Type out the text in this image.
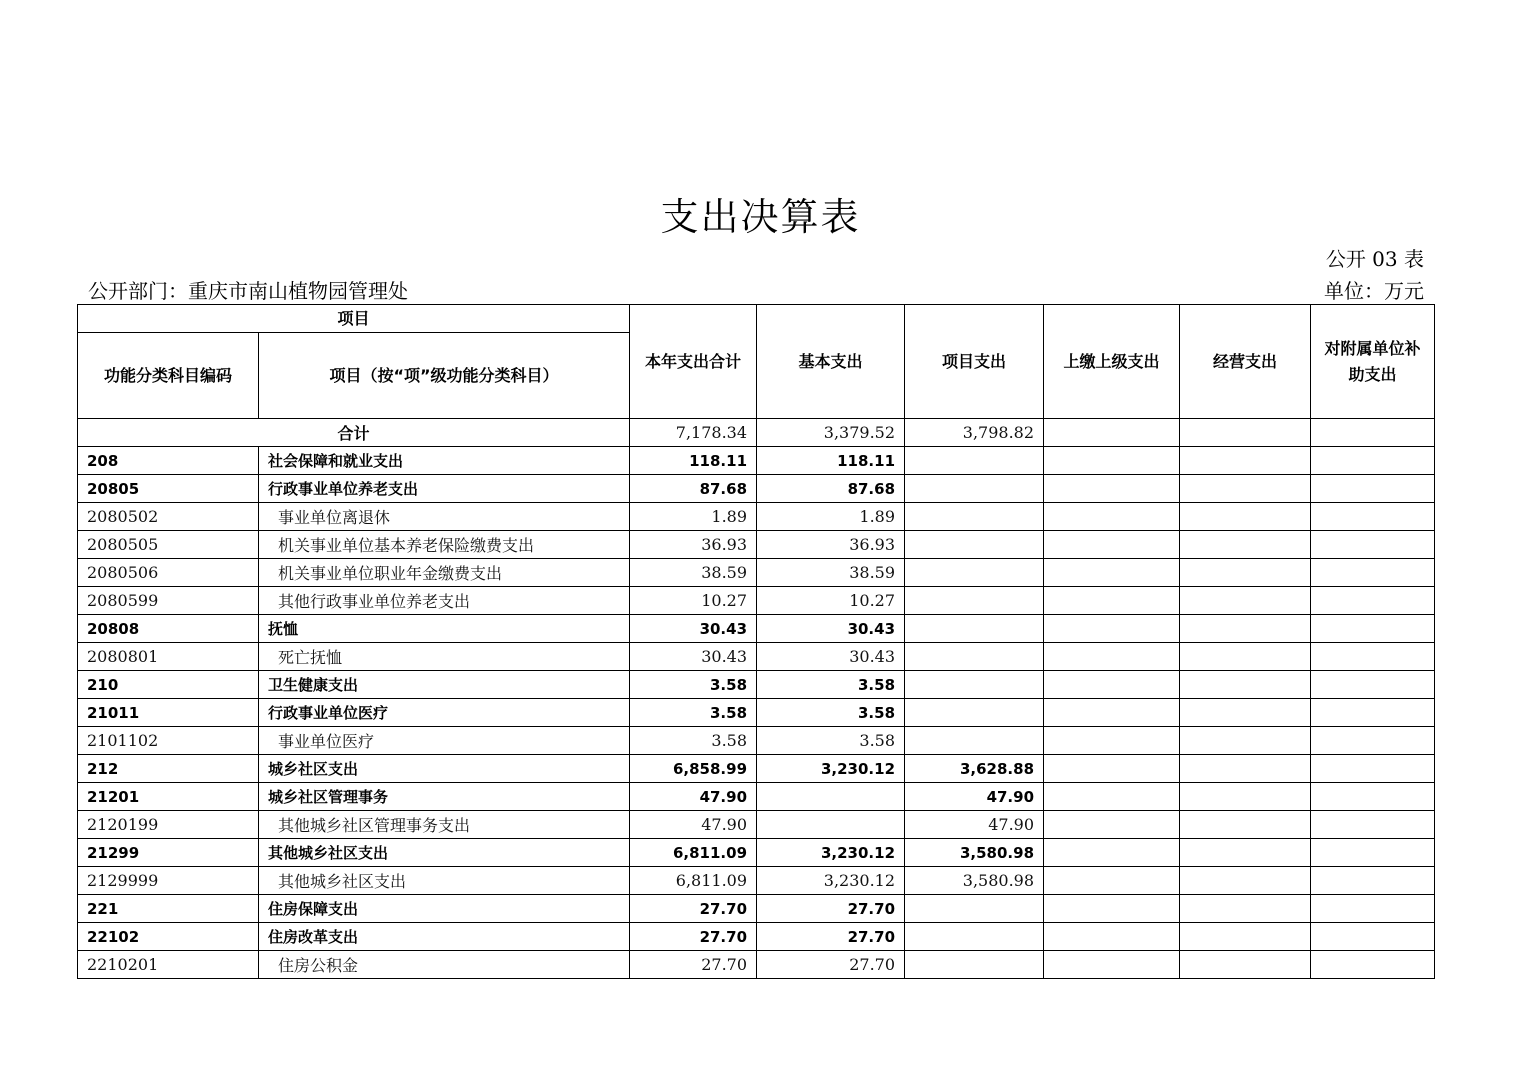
支出决算表
公开 03 表
公开部门：重庆市南山植物园管理处	单位：万元
项目		本年支出合计	基本支出	项目支出	上缴上级支出	经营支出	对附属单位补助支出

功能分类科目编码	项目（按“项”级功能分类科目）						
合计		7,178.34	3,379.52	3,798.82			
208	社会保障和就业支出	118.11	118.11				
20805	行政事业单位养老支出	87.68	87.68				
2080502	事业单位离退休	1.89	1.89				
2080505	机关事业单位基本养老保险缴费支出	36.93	36.93				
2080506	机关事业单位职业年金缴费支出	38.59	38.59				
2080599	其他行政事业单位养老支出	10.27	10.27				
20808	抚恤	30.43	30.43				
2080801	死亡抚恤	30.43	30.43				
210	卫生健康支出	3.58	3.58				
21011	行政事业单位医疗	3.58	3.58				
2101102	事业单位医疗	3.58	3.58				
212	城乡社区支出	6,858.99	3,230.12	3,628.88			
21201	城乡社区管理事务	47.90		47.90			
2120199	其他城乡社区管理事务支出	47.90		47.90			
21299	其他城乡社区支出	6,811.09	3,230.12	3,580.98			
2129999	其他城乡社区支出	6,811.09	3,230.12	3,580.98			
221	住房保障支出	27.70	27.70				
22102	住房改革支出	27.70	27.70				
2210201	住房公积金	27.70	27.70				
